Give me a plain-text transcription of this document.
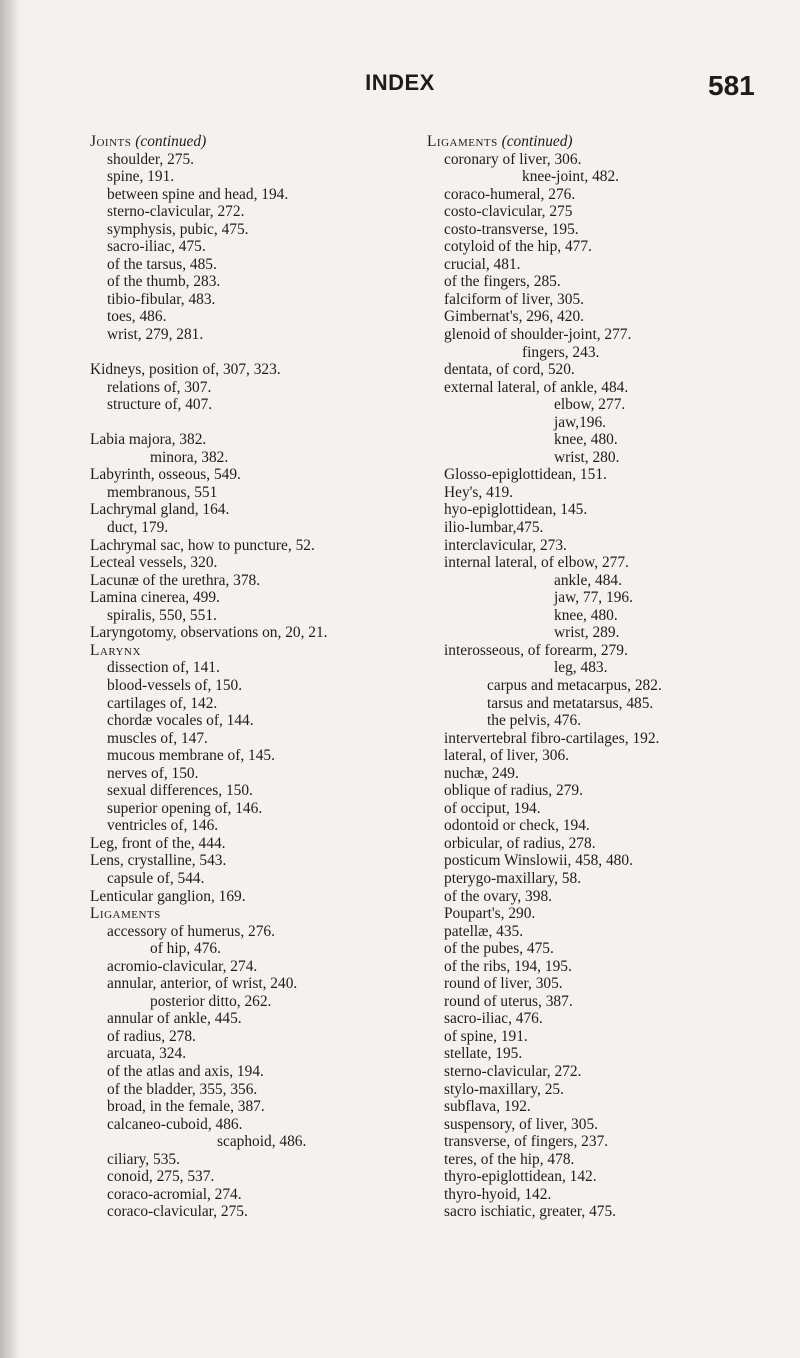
INDEX	581
Joints (continued)
shoulder, 275.
spine, 191.
between spine and head, 194.
sterno-clavicular, 272.
symphysis, pubic, 475.
sacro-iliac, 475.
of the tarsus, 485.
of the thumb, 283.
tibio-fibular, 483.
toes, 486.
wrist, 279, 281.
Kidneys, position of, 307, 323.
relations of, 307.
structure of, 407.
Labia majora, 382.
minora, 382.
Labyrinth, osseous, 549.
membranous, 551
Lachrymal gland, 164.
duct, 179.
Lachrymal sac, how to puncture, 52.
Lecteal vessels, 320.
Lacunæ of the urethra, 378.
Lamina cinerea, 499.
spiralis, 550, 551.
Laryngotomy, observations on, 20, 21.
Larynx
dissection of, 141.
blood-vessels of, 150.
cartilages of, 142.
chordæ vocales of, 144.
muscles of, 147.
mucous membrane of, 145.
nerves of, 150.
sexual differences, 150.
superior opening of, 146.
ventricles of, 146.
Leg, front of the, 444.
Lens, crystalline, 543.
capsule of, 544.
Lenticular ganglion, 169.
Ligaments
accessory of humerus, 276.
of hip, 476.
acromio-clavicular, 274.
annular, anterior, of wrist, 240.
posterior ditto, 262.
annular of ankle, 445.
of radius, 278.
arcuata, 324.
of the atlas and axis, 194.
of the bladder, 355, 356.
broad, in the female, 387.
calcaneo-cuboid, 486.
scaphoid, 486.
ciliary, 535.
conoid, 275, 537.
coraco-acromial, 274.
coraco-clavicular, 275.
Ligaments (continued)
coronary of liver, 306.
knee-joint, 482.
coraco-humeral, 276.
costo-clavicular, 275
costo-transverse, 195.
cotyloid of the hip, 477.
crucial, 481.
of the fingers, 285.
falciform of liver, 305.
Gimbernat's, 296, 420.
glenoid of shoulder-joint, 277.
fingers, 243.
dentata, of cord, 520.
external lateral, of ankle, 484.
elbow, 277.
jaw,196.
knee, 480.
wrist, 280.
Glosso-epiglottidean, 151.
Hey's, 419.
hyo-epiglottidean, 145.
ilio-lumbar,475.
interclavicular, 273.
internal lateral, of elbow, 277.
ankle, 484.
jaw, 77, 196.
knee, 480.
wrist, 289.
interosseous, of forearm, 279.
leg, 483.
carpus and metacarpus, 282.
tarsus and metatarsus, 485.
the pelvis, 476.
intervertebral fibro-cartilages, 192.
lateral, of liver, 306.
nuchæ, 249.
oblique of radius, 279.
of occiput, 194.
odontoid or check, 194.
orbicular, of radius, 278.
posticum Winslowii, 458, 480.
pterygo-maxillary, 58.
of the ovary, 398.
Poupart's, 290.
patellæ, 435.
of the pubes, 475.
of the ribs, 194, 195.
round of liver, 305.
round of uterus, 387.
sacro-iliac, 476.
of spine, 191.
stellate, 195.
sterno-clavicular, 272.
stylo-maxillary, 25.
subflava, 192.
suspensory, of liver, 305.
transverse, of fingers, 237.
teres, of the hip, 478.
thyro-epiglottidean, 142.
thyro-hyoid, 142.
sacro ischiatic, greater, 475.
